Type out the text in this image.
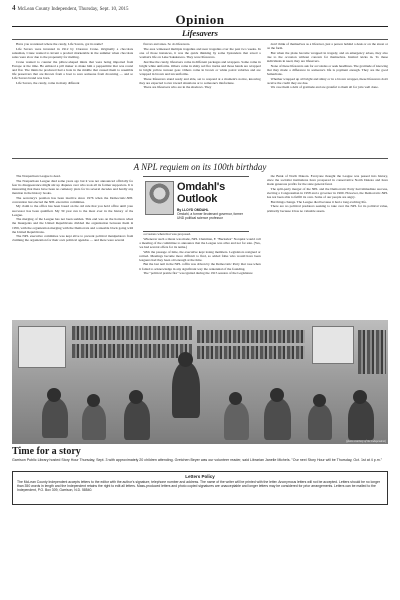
4 McLean County Independent, Thursday, Sept. 10, 2015
Opinion
Lifesavers

Have you wondered where the candy, Life Savers, got its name?

Life Savers were invented in 1912 by Clarence Crane. Originally a chocolate salesman, Crane wanted to invent a product marketable in the summer when chocolate sales were slow due to the propensity for melting.

Crane wanted to counter the pillow-shaped mints that were being imported from Europe at the time. He enlisted a pill maker to make him a peppermint that was round and flat. The mints he produced had a hole in the middle that caused them to resemble life preservers that are thrown from a boat to save someone from drowning — and so Life Savers brand was born.

Life Savers, the candy, come in many different

flavors and sizes. So do lifesavers.

The area witnessed multiple tragedies and near tragedies over the past two weeks. In one of those instances, it was the quick thinking by some bystanders that saved a woman's life on Lake Sakakawea. They were lifesavers.

Just like the candy, lifesavers come in different packages and wrappers. Some come in bright white uniforms. Others come in shiny red fire trucks and those hands are wrapped in bright yellow turnout gear. Others come in brown or white patrol vehicles and are wrapped in brown and tan uniforms.

These lifesavers stand ready and able, set to respond at a moment's notice, knowing they are expected to run toward situations or to someone's misfortune.

There are lifesavers who are in the shadows. They

don't think of themselves as a lifesaver, just a person behind a desk or on the street or on the farm.

But when the plans become wrapped in tragedy, and an emergency arises, they also rise to the occasion without concern for themselves. Instinct kicks in. To these individuals in need, they are lifesavers.

None of these lifesavers ask for accolades or seek headlines. The gratitude of knowing that they made a difference in someone's life is payment enough. They are the good Samaritans.

Whether wrapped up all bright and shiny or in a brown wrapper, these lifesavers don't receive the credit they are due.

We owe them a debt of gratitude and are grateful to them all for jobs well done.

A NPL requiem on its 100th birthday

The Nonpartisan League is dead.

The Nonpartisan League died some years ago but it was not announced officially for fear its disappearance might stir up disputes over who took all its former supporters. It is interesting that there have been no cemetery plots for its several decades and hardly any mention in the history books.

The secretary's position has been inactive since 1976 when the Democratic-NPL convention last elected the NPL executive committee.

My claim to the office has been based on the old rule that you hold office until your successor has been qualified. My 39 year run is the most ever in the history of the League.

The merging of the League has not been sudden. This end was on the horizon when the Insurgents and the United Republicans divided the organization between them in 1956, with the organization merging with the Democrats and a sizeable block going with the United Republicans.

The NPL executive committee was kept alive to prevent political manipulators from claiming the organization for their own political agendas — and there were several

occasions when that was proposed.

Whenever such a threat was made, NPL Chairman, F. "Buckshot" Norquist would call a meeting of the committee to announce that the League was alive and not for sale. (Yes, we had several offers for its name.)

With the passage of time, the executive kept losing members. Legislators resigned or retired. Meetings became more difficult to find, so added folks who would have been leaguers had they been old enough at the time.

But the last nail in the NPL coffin was driven by the Democratic Party that rose when it failed to acknowledge in any significant way the centennial of the founding.

The "political prairie fire" was ignited during the 1915 session of the Legislature

the Bank of North Dakota. Everyone thought the League was passed into history, since the socialist institutions have prospered in conservative North Dakota and have made generous profits for the state general fund.

The split-party merger of the NPL and the Democratic Party had immediate success, electing a Congressman in 1958 and a governor in 1960. However, the Democratic-NPL has not been able to fulfill its own. Some of our people are angry.

But things change. The League died because it had a long exciting life.

There are no political predators seeking to take over the NPL for its political value, primarily because it has no valuable assets.

Omdahl's
Outlook
By LLOYD OMDAHL
Omdahl, a former lieutenant governor, former UND political science professor
(photo courtesy of the Independent)
Time for a story
Garrison Public Library hosted Story Hour Thursday, Sept. 3 with approximately 20 children attending. Gretchen Beyer was our volunteer reader, said Librarian Janelle Michels. "Our next Story Hour will be Thursday, Oct. 1st at 4 p.m."
Letters Policy

The McLean County Independent accepts letters to the editor with the author's signature, telephone number and address. The name of the writer will be printed with the letter. Anonymous letters will not be accepted. Letters should be no longer than 350 words in length and the Independent retains the right to edit all letters. Mass-produced letters and photo copied signatures are unacceptable and longer letters may be considered for prior arrangements. Letters can be mailed to the Independent, P.O. Box 309, Garrison, N.D. 58540.
